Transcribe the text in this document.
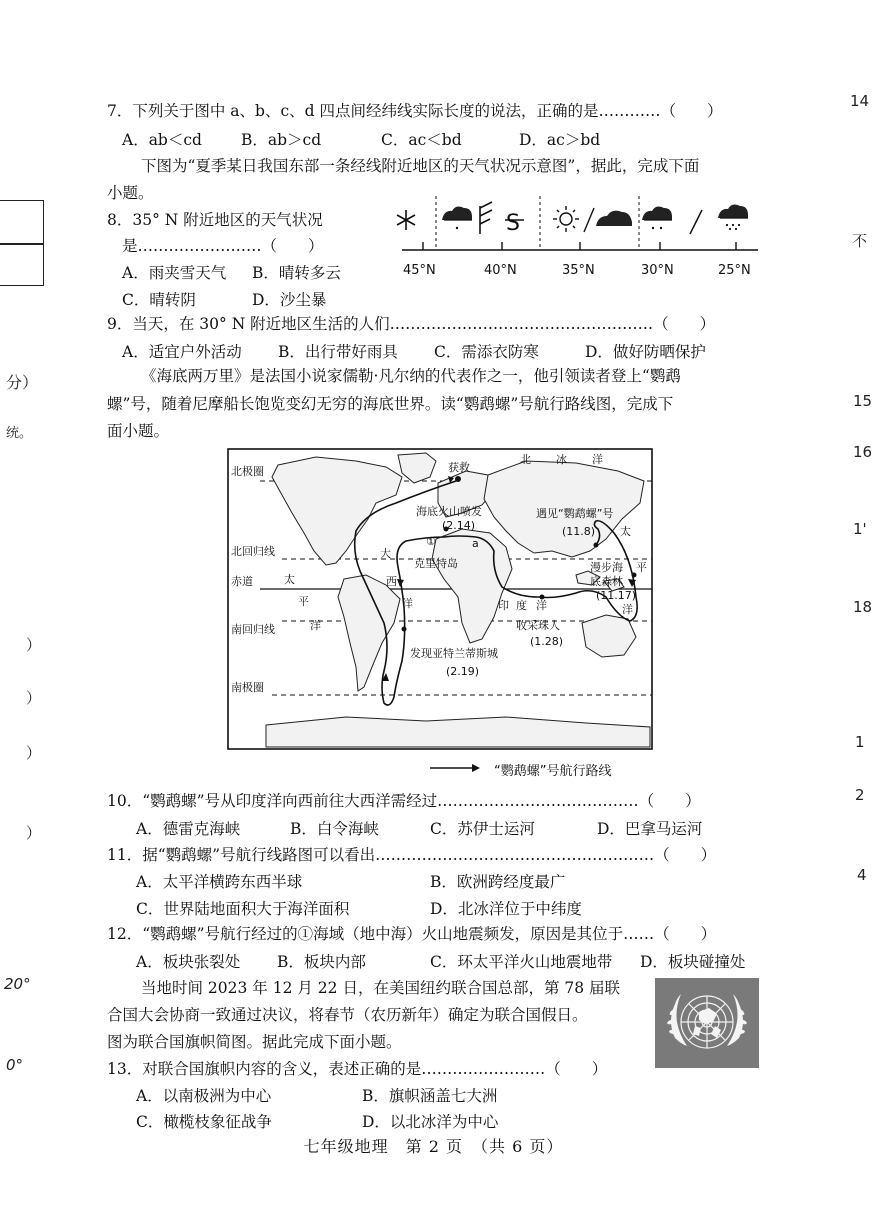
分）
统。
）
）
）
）
20°
0°
14
不
15
16
1'
18
1
2
4
7．下列关于图中 a、b、c、d 四点间经纬线实际长度的说法，正确的是…………（　　）
A．ab＜cd	B．ab＞cd	C．ac＜bd	D．ac＞bd
下图为“夏季某日我国东部一条经线附近地区的天气状况示意图”，据此，完成下面
小题。
8．35° N 附近地区的天气状况
是……………………（　　）
A．雨夹雪天气 B．晴转多云
C．晴转阴	D．沙尘暴
S
45°N	40°N	35°N	30°N	25°N
9．当天，在 30° N 附近地区生活的人们……………………………………………（　　）
A．适宜户外活动 B．出行带好雨具 C．需添衣防寒	D．做好防晒保护
《海底两万里》是法国小说家儒勒·凡尔纳的代表作之一，他引领读者登上“鹦鹉
螺”号，随着尼摩船长饱览变幻无穷的海底世界。读“鹦鹉螺”号航行路线图，完成下
面小题。
北极圈
北回归线
赤道
南回归线
南极圈
北 冰 洋
获救
海底火山喷发
(2.14)
①	a
克里特岛
遇见“鹦鹉螺”号
(11.8) 太
漫步海 平
底森林
(11.17)
洋
印 度 洋
收采珠人
(1.28)
大
西
洋
太
平
洋
发现亚特兰蒂斯城
(2.19)
“鹦鹉螺”号航行路线
10．“鹦鹉螺”号从印度洋向西前往大西洋需经过…………………………………（　　）
A．德雷克海峡	B．白令海峡	C．苏伊士运河	D．巴拿马运河
11．据“鹦鹉螺”号航行线路图可以看出………………………………………………（　　）
A．太平洋横跨东西半球	B．欧洲跨经度最广
C．世界陆地面积大于海洋面积	D．北冰洋位于中纬度
12．“鹦鹉螺”号航行经过的①海域（地中海）火山地震频发，原因是其位于……（　　）
A．板块张裂处 B．板块内部	C．环太平洋火山地震地带 D．板块碰撞处
当地时间 2023 年 12 月 22 日，在美国纽约联合国总部，第 78 届联
合国大会协商一致通过决议，将春节（农历新年）确定为联合国假日。
图为联合国旗帜简图。据此完成下面小题。
13．对联合国旗帜内容的含义，表述正确的是……………………（　　）
A．以南极洲为中心	B．旗帜涵盖七大洲
C．橄榄枝象征战争	D．以北冰洋为中心
七年级地理　第 2 页　（共 6 页）
